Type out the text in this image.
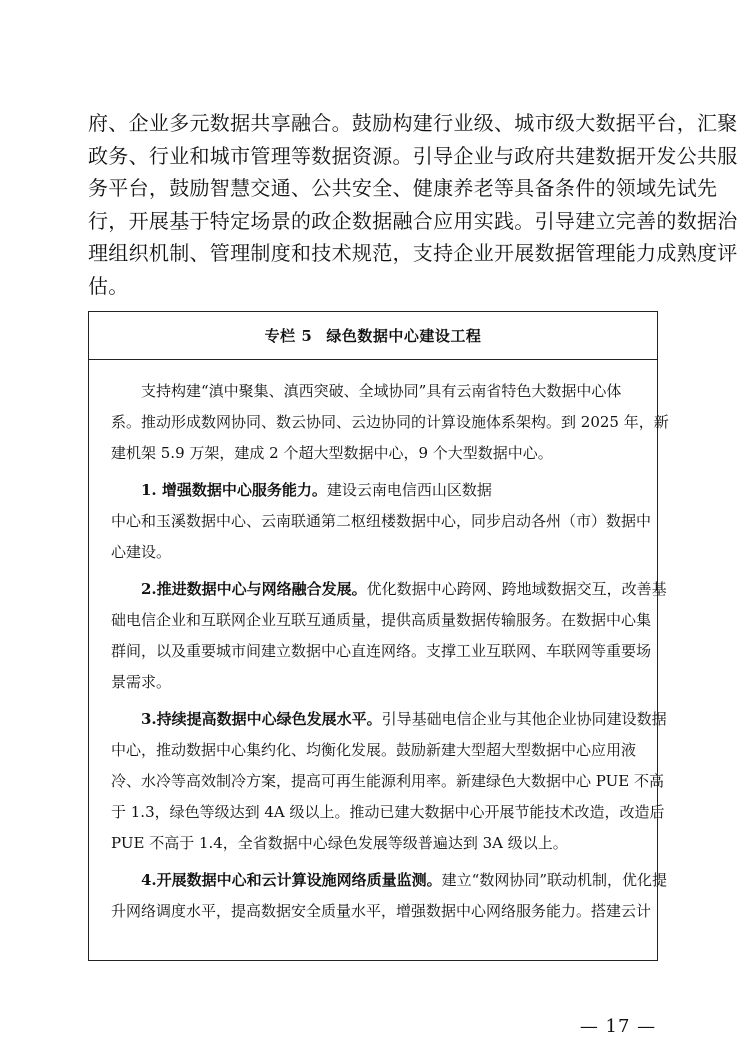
府、企业多元数据共享融合。鼓励构建行业级、城市级大数据平台，汇聚
政务、行业和城市管理等数据资源。引导企业与政府共建数据开发公共服
务平台，鼓励智慧交通、公共安全、健康养老等具备条件的领域先试先
行，开展基于特定场景的政企数据融合应用实践。引导建立完善的数据治
理组织机制、管理制度和技术规范，支持企业开展数据管理能力成熟度评
估。
专栏 5 绿色数据中心建设工程
支持构建“滇中聚集、滇西突破、全域协同”具有云南省特色大数据中心体
系。推动形成数网协同、数云协同、云边协同的计算设施体系架构。到 2025 年，新
建机架 5.9 万架，建成 2 个超大型数据中心，9 个大型数据中心。
1. 增强数据中心服务能力。建设云南电信西山区数据
中心和玉溪数据中心、云南联通第二枢纽楼数据中心，同步启动各州（市）数据中
心建设。
2.推进数据中心与网络融合发展。优化数据中心跨网、跨地域数据交互，改善基
础电信企业和互联网企业互联互通质量，提供高质量数据传输服务。在数据中心集
群间，以及重要城市间建立数据中心直连网络。支撑工业互联网、车联网等重要场
景需求。
3.持续提高数据中心绿色发展水平。引导基础电信企业与其他企业协同建设数据
中心，推动数据中心集约化、均衡化发展。鼓励新建大型超大型数据中心应用液
冷、水冷等高效制冷方案，提高可再生能源利用率。新建绿色大数据中心 PUE 不高
于 1.3，绿色等级达到 4A 级以上。推动已建大数据中心开展节能技术改造，改造后
PUE 不高于 1.4，全省数据中心绿色发展等级普遍达到 3A 级以上。
4.开展数据中心和云计算设施网络质量监测。建立“数网协同”联动机制，优化提
升网络调度水平，提高数据安全质量水平，增强数据中心网络服务能力。搭建云计
— 17 —
